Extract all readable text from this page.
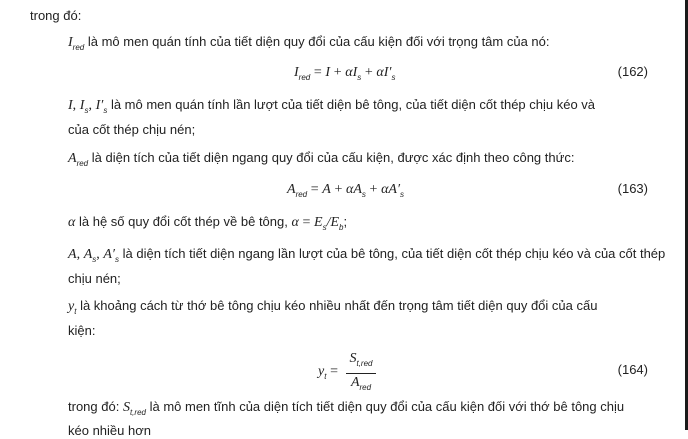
trong đó:
$I_{red}$ là mô men quán tính của tiết diện quy đổi của cấu kiện đối với trọng tâm của nó:
$I_{red} = I + \alpha I_s + \alpha I'_s$	(162)
I, $I_s$, $I'_s$ là mô men quán tính lần lượt của tiết diện bê tông, của tiết diện cốt thép chịu kéo và
của cốt thép chịu nén;
$A_{red}$ là diện tích của tiết diện ngang quy đổi của cấu kiện, được xác định theo công thức:
$A_{red} = A + \alpha A_s + \alpha A'_s$	(163)
α là hệ số quy đổi cốt thép về bê tông, $\alpha = E_s/E_b$;
A, $A_s$, $A'_s$ là diện tích tiết diện ngang lần lượt của bê tông, của tiết diện cốt thép chịu kéo và của cốt thép
chịu nén;
$y_t$ là khoảng cách từ thớ bê tông chịu kéo nhiều nhất đến trọng tâm tiết diện quy đổi của cấu
kiện:
$y_t$ =
$S_{t,red}$
$A_{red}$
(164)
trong đó: $S_{t,red}$ là mô men tĩnh của diện tích tiết diện quy đổi của cấu kiện đối với thớ bê tông chịu
kéo nhiều hơn
